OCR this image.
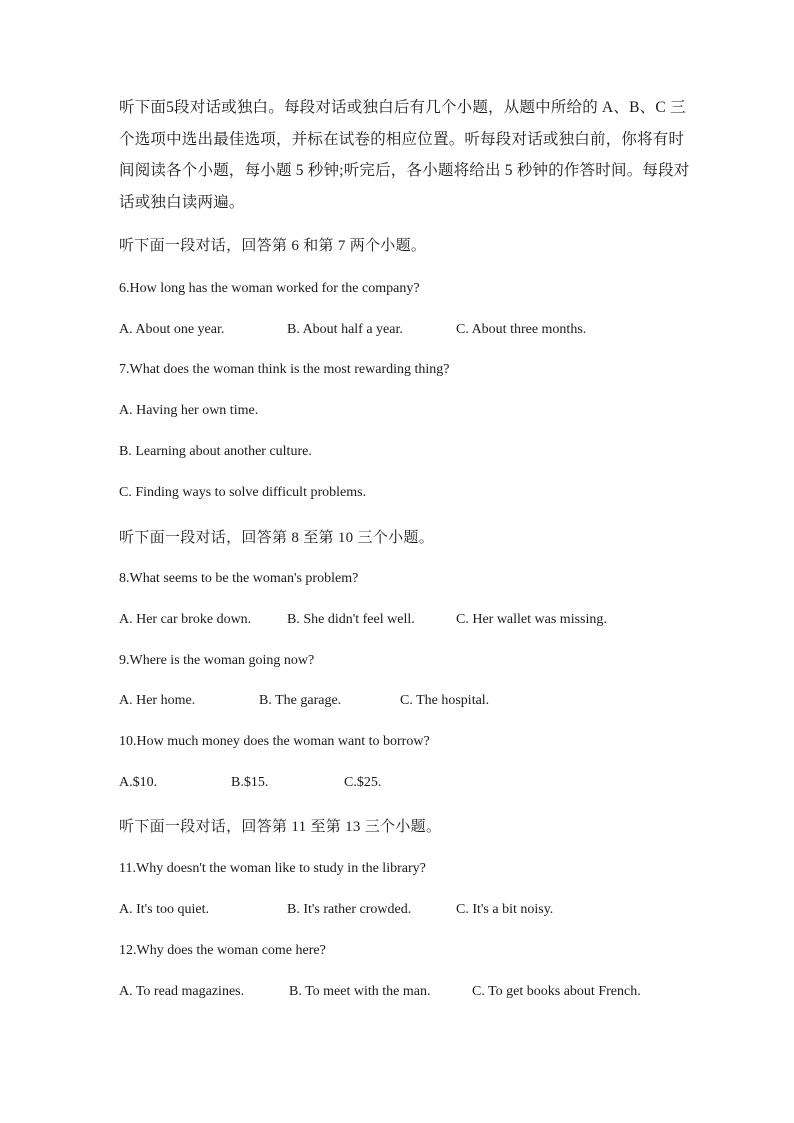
听下面5段对话或独白。每段对话或独白后有几个小题，从题中所给的 A、B、C 三个选项中选出最佳选项，并标在试卷的相应位置。听每段对话或独白前，你将有时间阅读各个小题，每小题 5 秒钟;听完后，各小题将给出 5 秒钟的作答时间。每段对话或独白读两遍。

听下面一段对话，回答第 6 和第 7 两个小题。

6.How long has the woman worked for the company?

A. About one year.	B. About half a year.	C. About three months.

7.What does the woman think is the most rewarding thing?

A. Having her own time.
B. Learning about another culture.
C. Finding ways to solve difficult problems.

听下面一段对话，回答第 8 至第 10 三个小题。

8.What seems to be the woman's problem?

A. Her car broke down.	B. She didn't feel well.	C. Her wallet was missing.

9.Where is the woman going now?

A. Her home.	B. The garage.	C. The hospital.

10.How much money does the woman want to borrow?

A.$10.	B.$15.	C.$25.

听下面一段对话，回答第 11 至第 13 三个小题。

11.Why doesn't the woman like to study in the library?

A. It's too quiet.	B. It's rather crowded.	C. It's a bit noisy.

12.Why does the woman come here?

A. To read magazines.	B. To meet with the man.	C. To get books about French.
